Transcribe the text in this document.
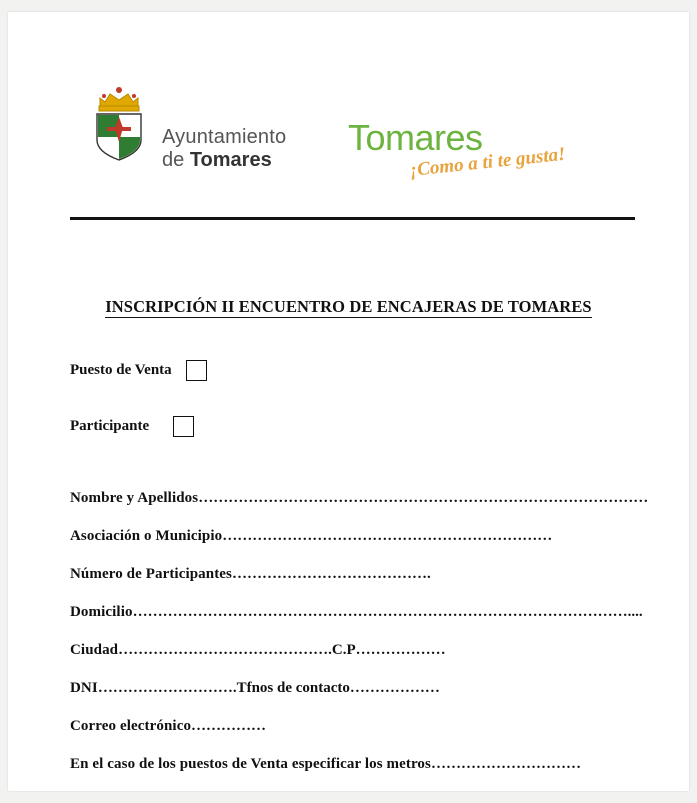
Ayuntamiento
de Tomares
Tomares
¡Como a ti te gusta!
INSCRIPCIÓN II ENCUENTRO DE ENCAJERAS DE TOMARES
Puesto de Venta
Participante
Nombre y Apellidos………………………………………………………………………………
Asociación o Municipio…………………………………………………………
Número de Participantes………………………………….
Domicilio………………………………………………………………………………………....
Ciudad…………………………………….C.P………………
DNI……………………….Tfnos de contacto………………
Correo electrónico……………
En el caso de los puestos de Venta especificar los metros…………………………
